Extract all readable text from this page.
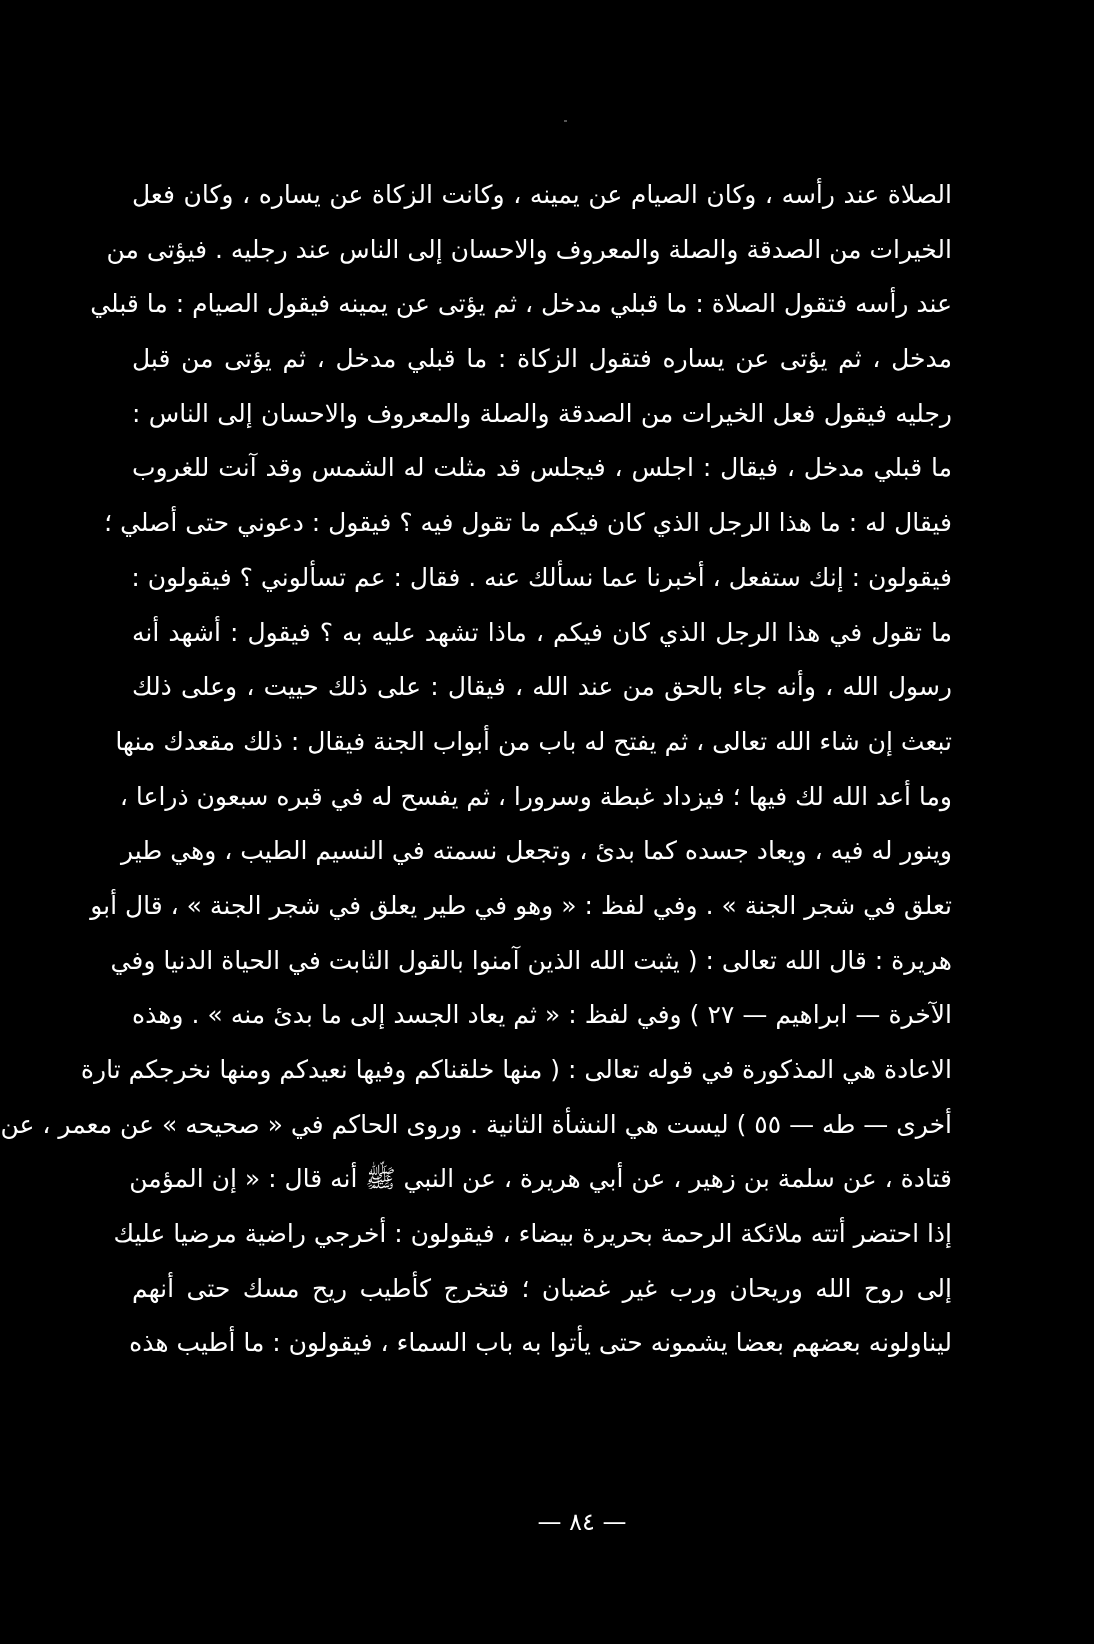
الصلاة عند رأسه ، وكان الصيام عن يمينه ، وكانت الزكاة عن يساره ، وكان فعل
الخيرات من الصدقة والصلة والمعروف والاحسان إلى الناس عند رجليه . فيؤتى من
عند رأسه فتقول الصلاة : ما قبلي مدخل ، ثم يؤتى عن يمينه فيقول الصيام : ما قبلي
مدخل ، ثم يؤتى عن يساره فتقول الزكاة : ما قبلي مدخل ، ثم يؤتى من قبل
رجليه فيقول فعل الخيرات من الصدقة والصلة والمعروف والاحسان إلى الناس :
ما قبلي مدخل ، فيقال : اجلس ، فيجلس قد مثلت له الشمس وقد آنت للغروب
فيقال له : ما هذا الرجل الذي كان فيكم ما تقول فيه ؟ فيقول : دعوني حتى أصلي ؛
فيقولون : إنك ستفعل ، أخبرنا عما نسألك عنه . فقال : عم تسألوني ؟ فيقولون :
ما تقول في هذا الرجل الذي كان فيكم ، ماذا تشهد عليه به ؟ فيقول : أشهد أنه
رسول الله ، وأنه جاء بالحق من عند الله ، فيقال : على ذلك حييت ، وعلى ذلك
تبعث إن شاء الله تعالى ، ثم يفتح له باب من أبواب الجنة فيقال : ذلك مقعدك منها
وما أعد الله لك فيها ؛ فيزداد غبطة وسرورا ، ثم يفسح له في قبره سبعون ذراعا ،
وينور له فيه ، ويعاد جسده كما بدئ ، وتجعل نسمته في النسيم الطيب ، وهي طير
تعلق في شجر الجنة » . وفي لفظ : « وهو في طير يعلق في شجر الجنة » ، قال أبو
هريرة : قال الله تعالى : ( يثبت الله الذين آمنوا بالقول الثابت في الحياة الدنيا وفي
الآخرة — ابراهيم — ٢٧ ) وفي لفظ : « ثم يعاد الجسد إلى ما بدئ منه » . وهذه
الاعادة هي المذكورة في قوله تعالى : ( منها خلقناكم وفيها نعيدكم ومنها نخرجكم تارة
أخرى — طه — ٥٥ ) ليست هي النشأة الثانية . وروى الحاكم في « صحيحه » عن معمر ، عن
قتادة ، عن سلمة بن زهير ، عن أبي هريرة ، عن النبي ﷺ أنه قال : « إن المؤمن
إذا احتضر أتته ملائكة الرحمة بحريرة بيضاء ، فيقولون : أخرجي راضية مرضيا عليك
إلى روح الله وريحان ورب غير غضبان ؛ فتخرج كأطيب ريح مسك حتى أنهم
ليناولونه بعضهم بعضا يشمونه حتى يأتوا به باب السماء ، فيقولون : ما أطيب هذه
— ٨٤ —
